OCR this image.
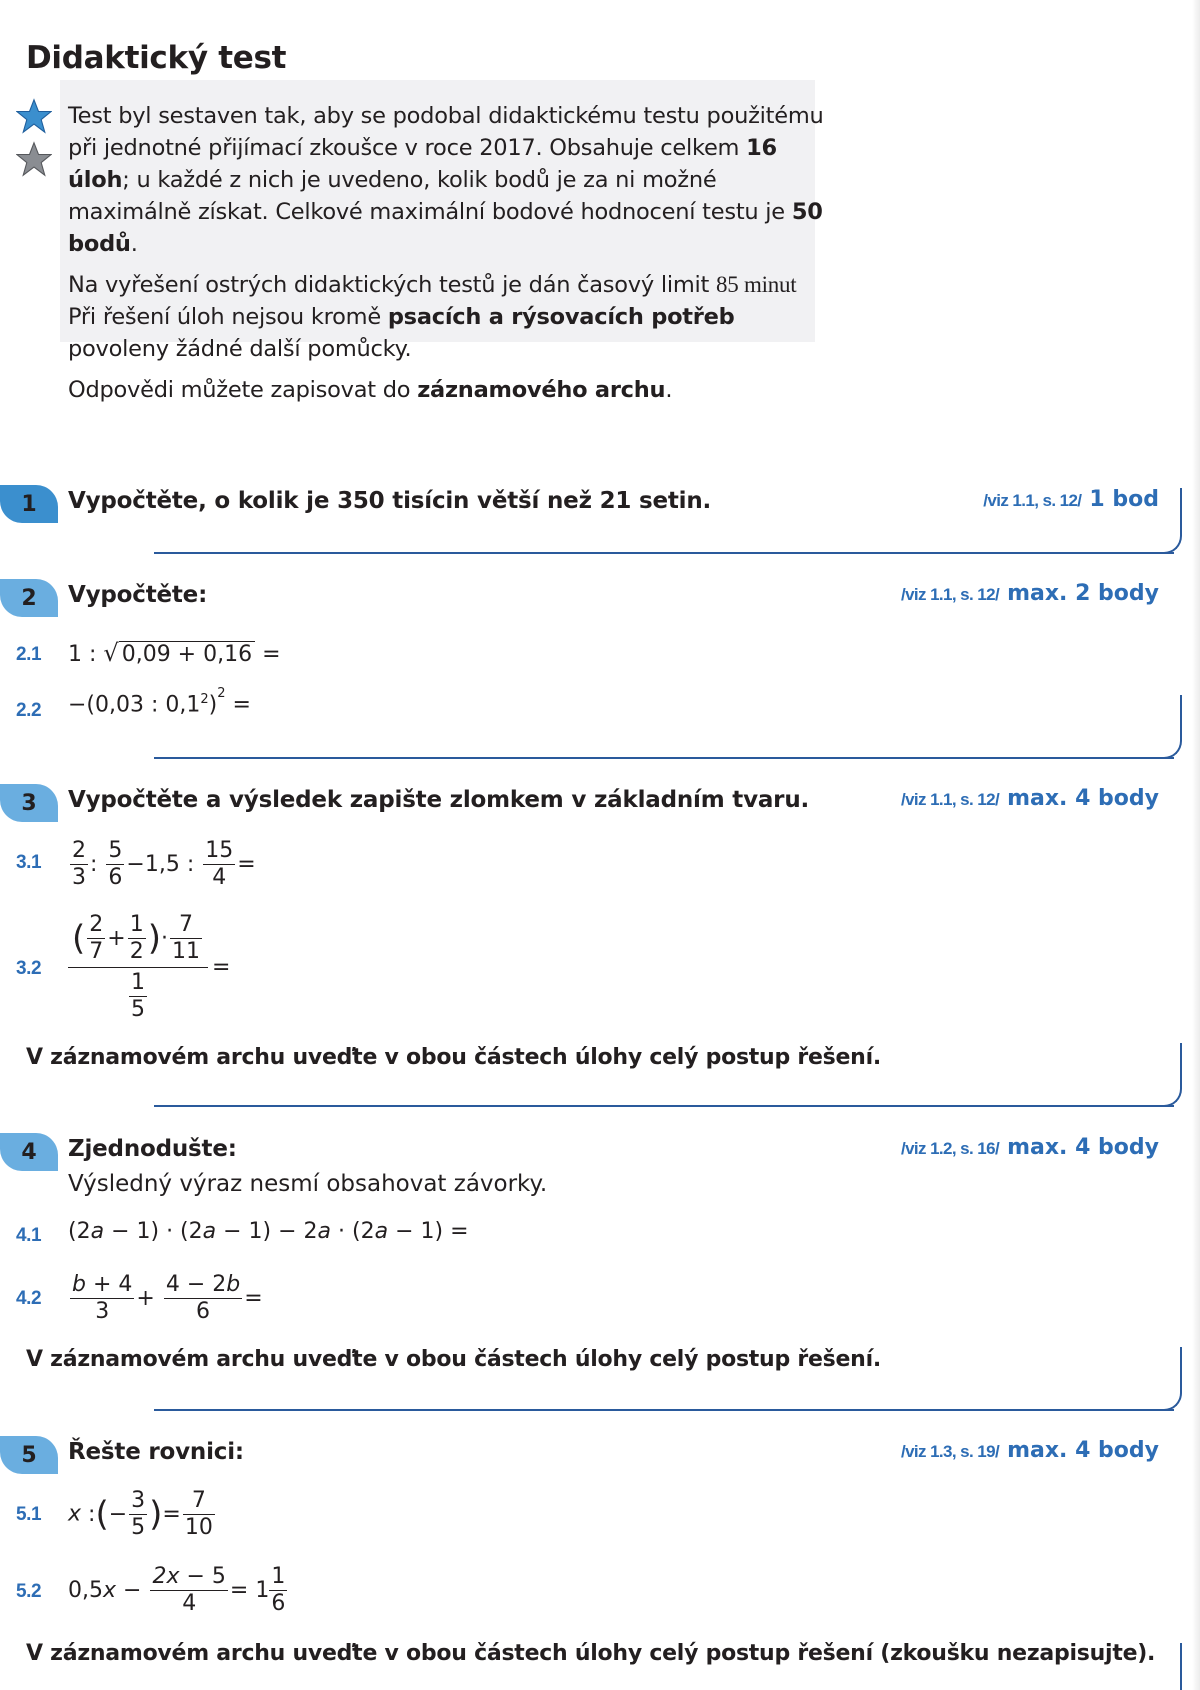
Didaktický test

Test byl sestaven tak, aby se podobal didaktickému testu použitému při jednotné přijímací zkoušce v roce 2017. Obsahuje celkem 16 úloh; u každé z nich je uvedeno, kolik bodů je za ni možné maximálně získat. Celkové maximální bodové hodnocení testu je 50 bodů.

Na vyřešení ostrých didaktických testů je dán časový limit 85 minut

Při řešení úloh nejsou kromě psacích a rýsovacích potřeb povoleny žádné další pomůcky.

Odpovědi můžete zapisovat do záznamového archu.

1	Vypočtěte, o kolik je 350 tisícin větší než 21 setin.	/viz 1.1, s. 12/ 1 bod
2	Vypočtěte:	/viz 1.1, s. 12/ max. 2 body
2.1 1 : √ 0,09 + 0,16 =
2.2 −(0,03 : $0,1^2)^2$ =
3	Vypočtěte a výsledek zapište zlomkem v základním tvaru.	/viz 1.1, s. 12/ max. 4 body
$3.1 \frac{2}{3}$ : $\frac{5}{6} -1,5$ : $\frac{15}{4}$ =
$3.2 \frac{( \frac{2}{7} + \frac{1}{2} )\cdot \frac{7}{11}}{\frac{1}{5}}$ =
V záznamovém archu uveďte v obou částech úlohy celý postup řešení.
4	Zjednodušte:
Výsledný výraz nesmí obsahovat závorky.
/viz 1.2, s. 16/ max. 4 body
4.1 (2a − 1) · (2a − 1) − 2a · (2a − 1) =
$4.2 \frac{b + 4}{3} + \frac{4 - 2b}{6}$ =
V záznamovém archu uveďte v obou částech úlohy celý postup řešení.
5	Řešte rovnici:	/viz 1.3, s. 19/ max. 4 body
5.1 x :(− $\frac{3}{5}$ )= $\frac{7}{10}$
5.2 $0,5x - \frac{2x - 5}{4} = 1 \frac{1}{6}$
V záznamovém archu uveďte v obou částech úlohy celý postup řešení (zkoušku nezapisujte).
